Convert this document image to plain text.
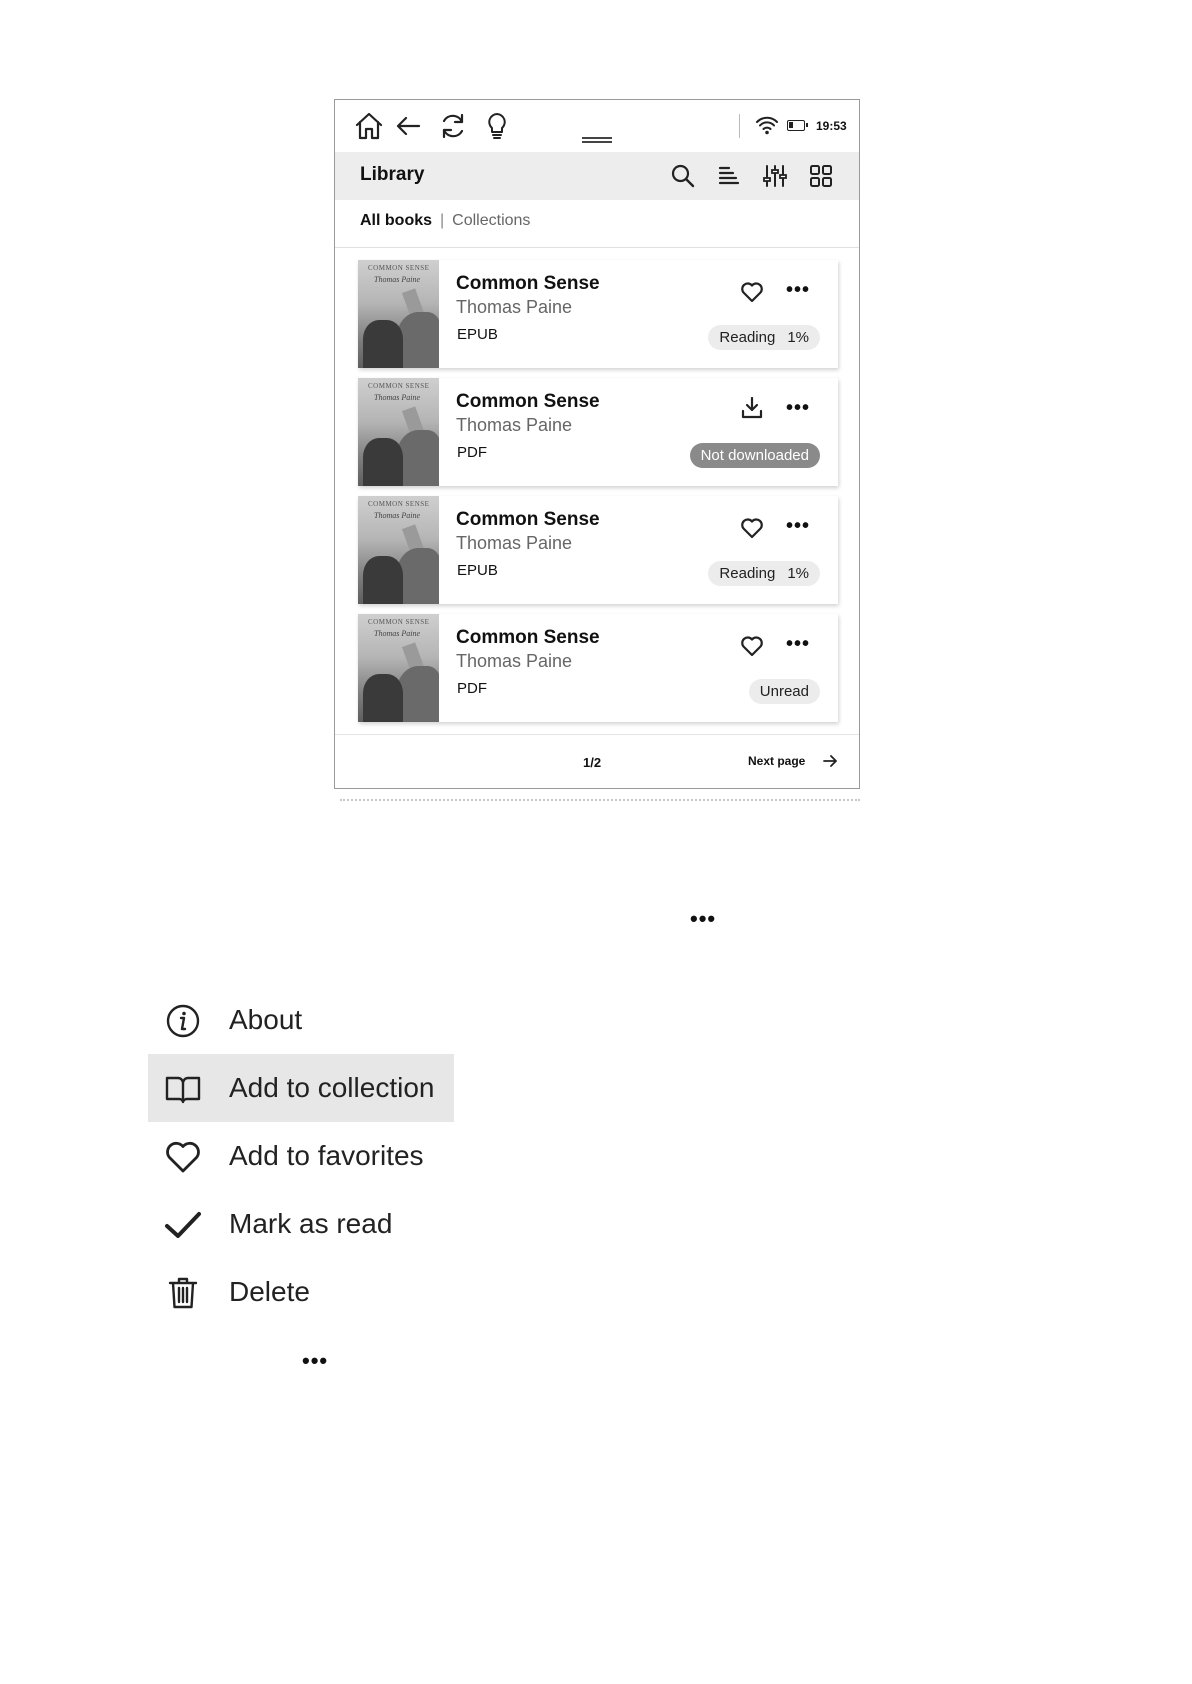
19:53
Library
All books | Collections
COMMON SENSE
Thomas Paine Common Sense
Thomas Paine
EPUB
•••
Reading 1%
COMMON SENSE
Thomas Paine Common Sense
Thomas Paine
PDF
•••
Not downloaded
COMMON SENSE
Thomas Paine Common Sense
Thomas Paine
EPUB
•••
Reading 1%
COMMON SENSE
Thomas Paine Common Sense
Thomas Paine
PDF
•••
Unread
1/2	Next page
•••
About
Add to collection
Add to favorites
Mark as read
Delete
•••
